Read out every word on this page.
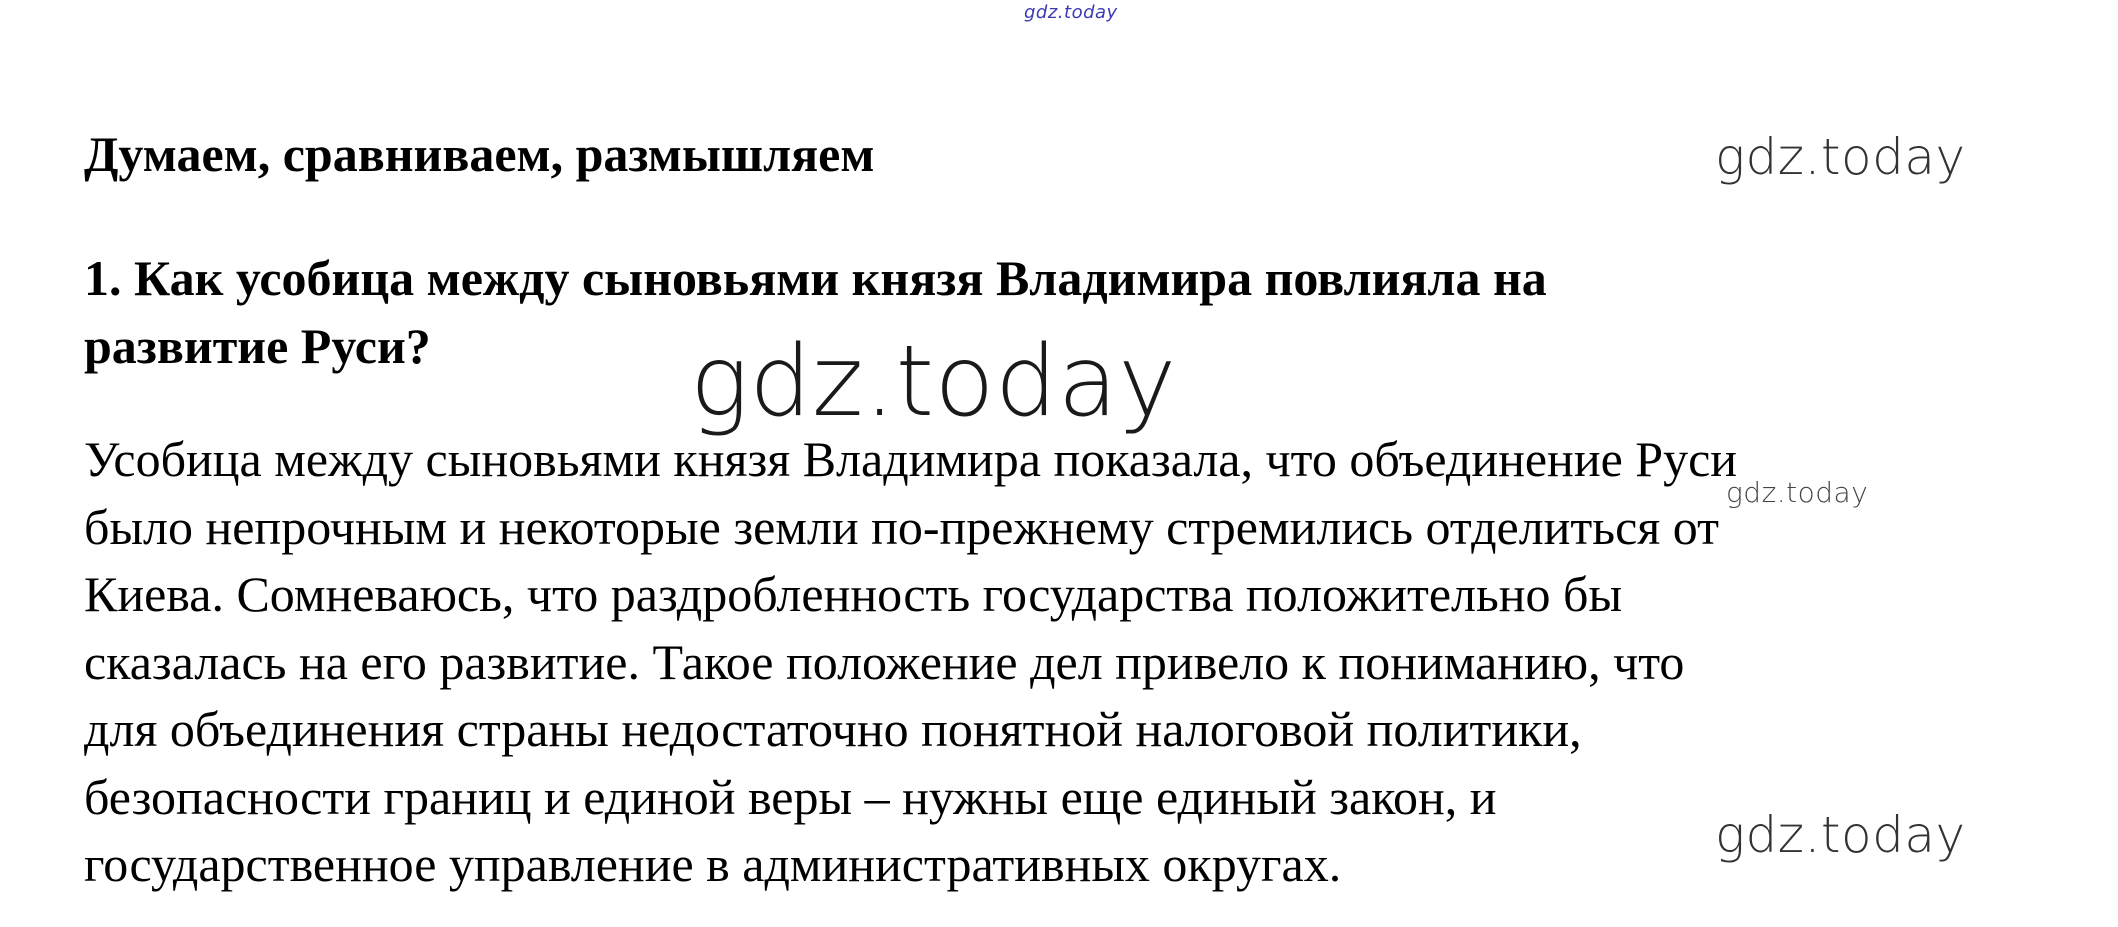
gdz.today
Думаем, сравниваем, размышляем	gdz.today

1. Как усобица между сыновьями князя Владимира повлияла на
развитие Руси?	gdz.today

Усобица между сыновьями князя Владимира показала, что объединение Руси
было непрочным и некоторые земли по-прежнему стремились отделиться от
Киева. Сомневаюсь, что раздробленность государства положительно бы
сказалась на его развитие. Такое положение дел привело к пониманию, что
для объединения страны недостаточно понятной налоговой политики,
безопасности границ и единой веры – нужны еще единый закон, и
государственное управление в административных округах.

gdz.today
gdz.today
